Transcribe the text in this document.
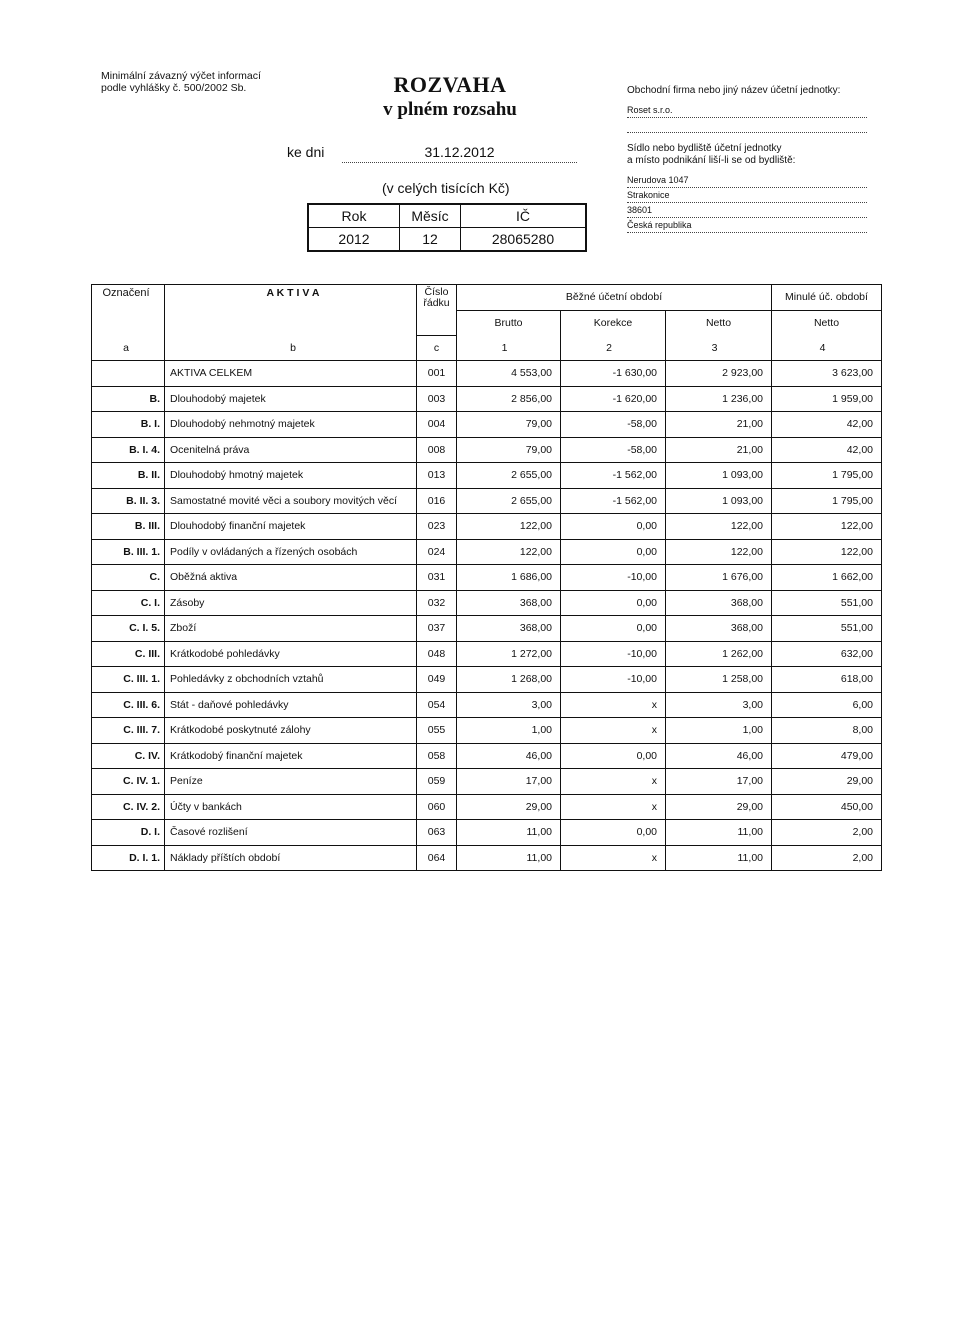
Minimální závazný výčet informací
podle vyhlášky č. 500/2002 Sb.	ROZVAHA
v plném rozsahu
ke dni	31.12.2012
(v celých tisících Kč)
Rok	Měsíc	IČ
2012	12	28065280
Obchodní firma nebo jiný název účetní jednotky:
Roset s.r.o.
Sídlo nebo bydliště účetní jednotky
a místo podnikání liší-li se od bydliště:
Nerudova 1047
Strakonice
38601
Česká republika
Označení	A K T I V A	Číslo
řádku	Běžné účetní období			Minulé úč. období
			Brutto	Korekce	Netto	Netto
a	b	c	1	2	3	4
	AKTIVA CELKEM	001	4 553,00	-1 630,00	2 923,00	3 623,00
B.	Dlouhodobý majetek	003	2 856,00	-1 620,00	1 236,00	1 959,00
B. I.	Dlouhodobý nehmotný majetek	004	79,00	-58,00	21,00	42,00
B. I. 4.	Ocenitelná práva	008	79,00	-58,00	21,00	42,00
B. II.	Dlouhodobý hmotný majetek	013	2 655,00	-1 562,00	1 093,00	1 795,00
B. II. 3.	Samostatné movité věci a soubory movitých věcí	016	2 655,00	-1 562,00	1 093,00	1 795,00
B. III.	Dlouhodobý finanční majetek	023	122,00	0,00	122,00	122,00
B. III. 1.	Podíly v ovládaných a řízených osobách	024	122,00	0,00	122,00	122,00
C.	Oběžná aktiva	031	1 686,00	-10,00	1 676,00	1 662,00
C. I.	Zásoby	032	368,00	0,00	368,00	551,00
C. I. 5.	Zboží	037	368,00	0,00	368,00	551,00
C. III.	Krátkodobé pohledávky	048	1 272,00	-10,00	1 262,00	632,00
C. III. 1.	Pohledávky z obchodních vztahů	049	1 268,00	-10,00	1 258,00	618,00
C. III. 6.	Stát - daňové pohledávky	054	3,00	x	3,00	6,00
C. III. 7.	Krátkodobé poskytnuté zálohy	055	1,00	x	1,00	8,00
C. IV.	Krátkodobý finanční majetek	058	46,00	0,00	46,00	479,00
C. IV. 1.	Peníze	059	17,00	x	17,00	29,00
C. IV. 2.	Účty v bankách	060	29,00	x	29,00	450,00
D. I.	Časové rozlišení	063	11,00	0,00	11,00	2,00
D. I. 1.	Náklady příštích období	064	11,00	x	11,00	2,00
